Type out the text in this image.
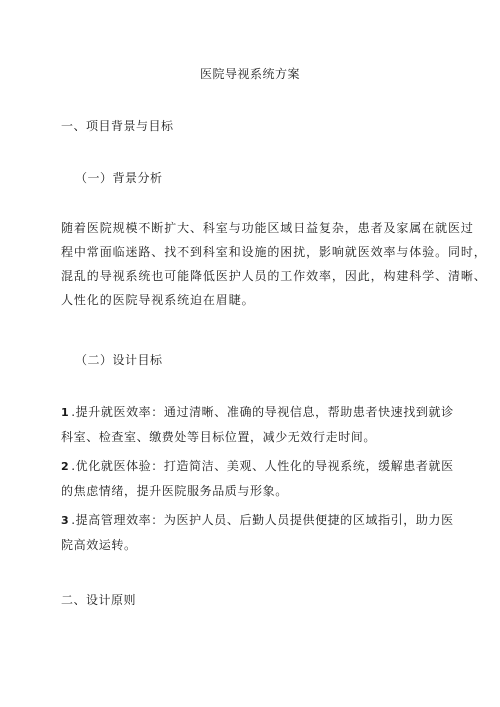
医院导视系统方案
一、项目背景与目标
（一）背景分析
随着医院规模不断扩大、科室与功能区域日益复杂，患者及家属在就医过
程中常面临迷路、找不到科室和设施的困扰，影响就医效率与体验。同时，
混乱的导视系统也可能降低医护人员的工作效率，因此，构建科学、清晰、
人性化的医院导视系统迫在眉睫。
（二）设计目标
1 .提升就医效率：通过清晰、准确的导视信息，帮助患者快速找到就诊
科室、检查室、缴费处等目标位置，减少无效行走时间。
2 .优化就医体验：打造简洁、美观、人性化的导视系统，缓解患者就医
的焦虑情绪，提升医院服务品质与形象。
3 .提高管理效率：为医护人员、后勤人员提供便捷的区域指引，助力医
院高效运转。
二、设计原则
